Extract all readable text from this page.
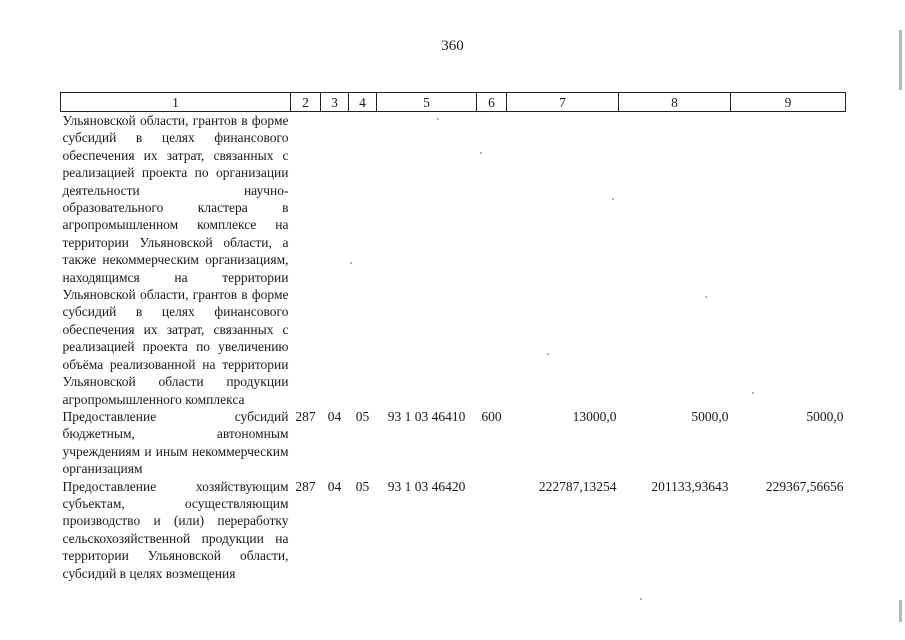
360
1	2	3	4	5	6	7	8	9
Ульяновской области, грантов в форме субсидий в целях финансового обеспечения их затрат, связанных с реализацией проекта по организации деятельности научно-образовательного кластера в агропромышленном комплексе на территории Ульяновской области, а также некоммерческим организациям, находящимся на территории Ульяновской области, грантов в форме субсидий в целях финансового обеспечения их затрат, связанных с реализацией проекта по увеличению объёма реализованной на территории Ульяновской области продукции агропромышленного комплекса								
Предоставление субсидий бюджетным, автономным учреждениям и иным некоммерческим организациям	287	04	05	93 1 03 46410	600	13000,0	5000,0	5000,0
Предоставление хозяйствующим субъектам, осуществляющим производство и (или) переработку сельскохозяйственной продукции на территории Ульяновской области, субсидий в целях возмещения	287	04	05	93 1 03 46420		222787,13254	201133,93643	229367,56656
